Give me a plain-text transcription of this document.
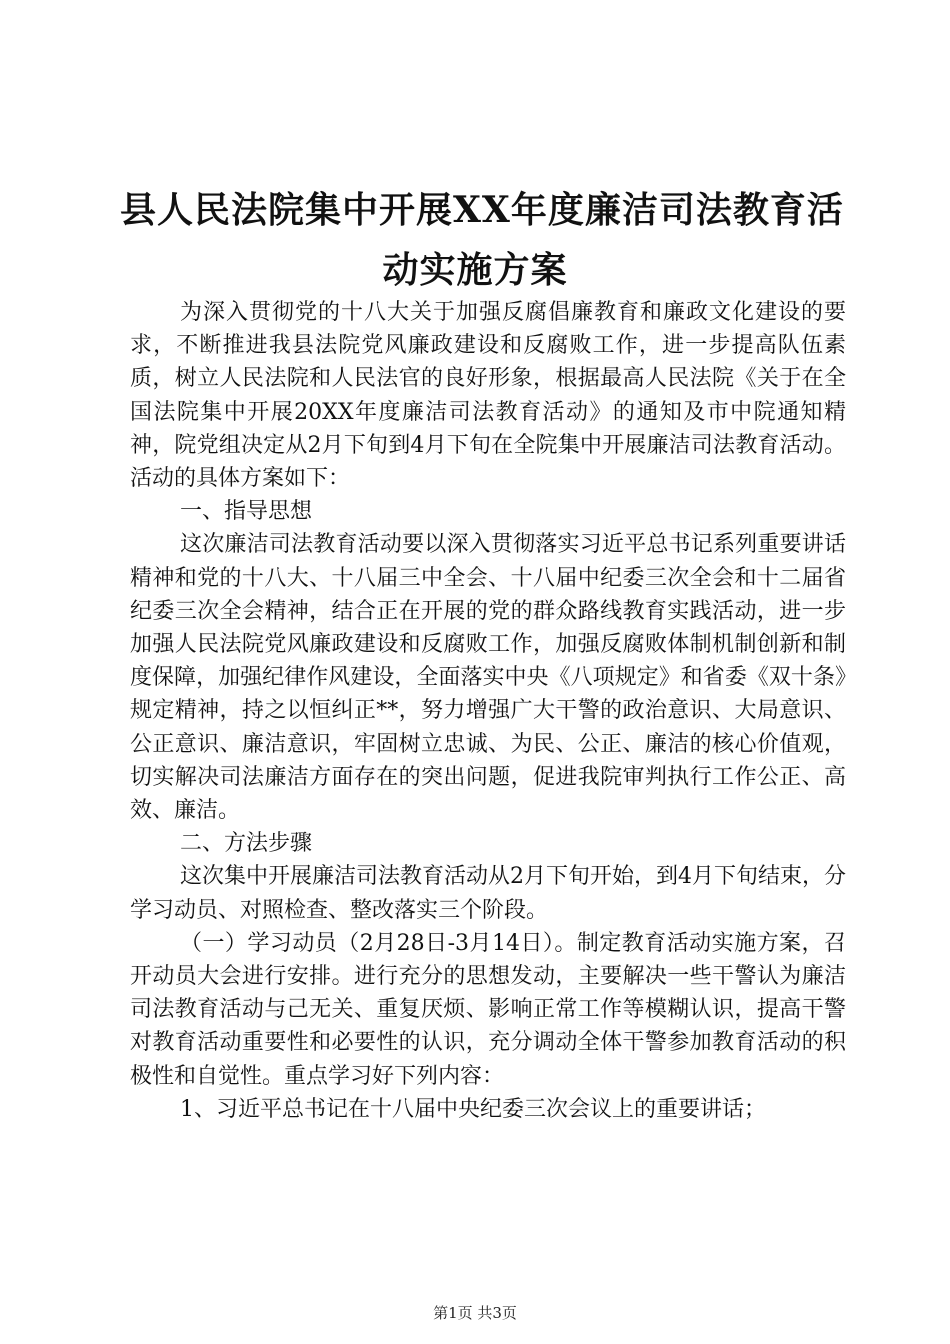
县人民法院集中开展XX年度廉洁司法教育活
动实施方案

为深入贯彻党的十八大关于加强反腐倡廉教育和廉政文化建设的要求，不断推进我县法院党风廉政建设和反腐败工作，进一步提高队伍素质，树立人民法院和人民法官的良好形象，根据最高人民法院《关于在全国法院集中开展20XX年度廉洁司法教育活动》的通知及市中院通知精神，院党组决定从2月下旬到4月下旬在全院集中开展廉洁司法教育活动。活动的具体方案如下：

一、指导思想

这次廉洁司法教育活动要以深入贯彻落实习近平总书记系列重要讲话精神和党的十八大、十八届三中全会、十八届中纪委三次全会和十二届省纪委三次全会精神，结合正在开展的党的群众路线教育实践活动，进一步加强人民法院党风廉政建设和反腐败工作，加强反腐败体制机制创新和制度保障，加强纪律作风建设，全面落实中央《八项规定》和省委《双十条》规定精神，持之以恒纠正**，努力增强广大干警的政治意识、大局意识、公正意识、廉洁意识，牢固树立忠诚、为民、公正、廉洁的核心价值观，切实解决司法廉洁方面存在的突出问题，促进我院审判执行工作公正、高效、廉洁。

二、方法步骤

这次集中开展廉洁司法教育活动从2月下旬开始，到4月下旬结束，分学习动员、对照检查、整改落实三个阶段。

（一）学习动员（2月28日-3月14日）。制定教育活动实施方案，召开动员大会进行安排。进行充分的思想发动，主要解决一些干警认为廉洁司法教育活动与己无关、重复厌烦、影响正常工作等模糊认识，提高干警对教育活动重要性和必要性的认识，充分调动全体干警参加教育活动的积极性和自觉性。重点学习好下列内容：

1、习近平总书记在十八届中央纪委三次会议上的重要讲话；

第1页 共3页
